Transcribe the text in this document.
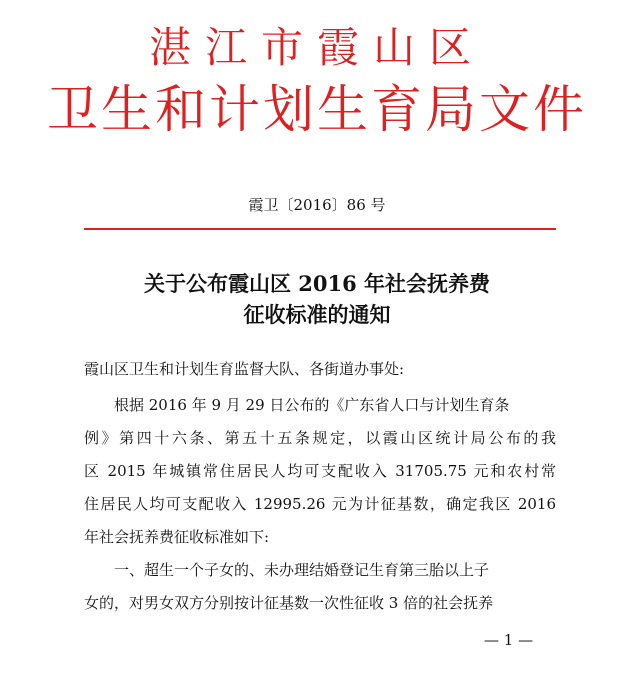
湛江市霞山区
卫生和计划生育局文件
霞卫〔2016〕86 号
关于公布霞山区 2016 年社会抚养费
征收标准的通知
霞山区卫生和计划生育监督大队、各街道办事处:
根据 2016 年 9 月 29 日公布的《广东省人口与计划生育条
例》第四十六条、第五十五条规定，以霞山区统计局公布的我
区 2015 年城镇常住居民人均可支配收入 31705.75 元和农村常
住居民人均可支配收入 12995.26 元为计征基数，确定我区 2016
年社会抚养费征收标准如下:
一、超生一个子女的、未办理结婚登记生育第三胎以上子
女的，对男女双方分别按计征基数一次性征收 3 倍的社会抚养
— 1 —
